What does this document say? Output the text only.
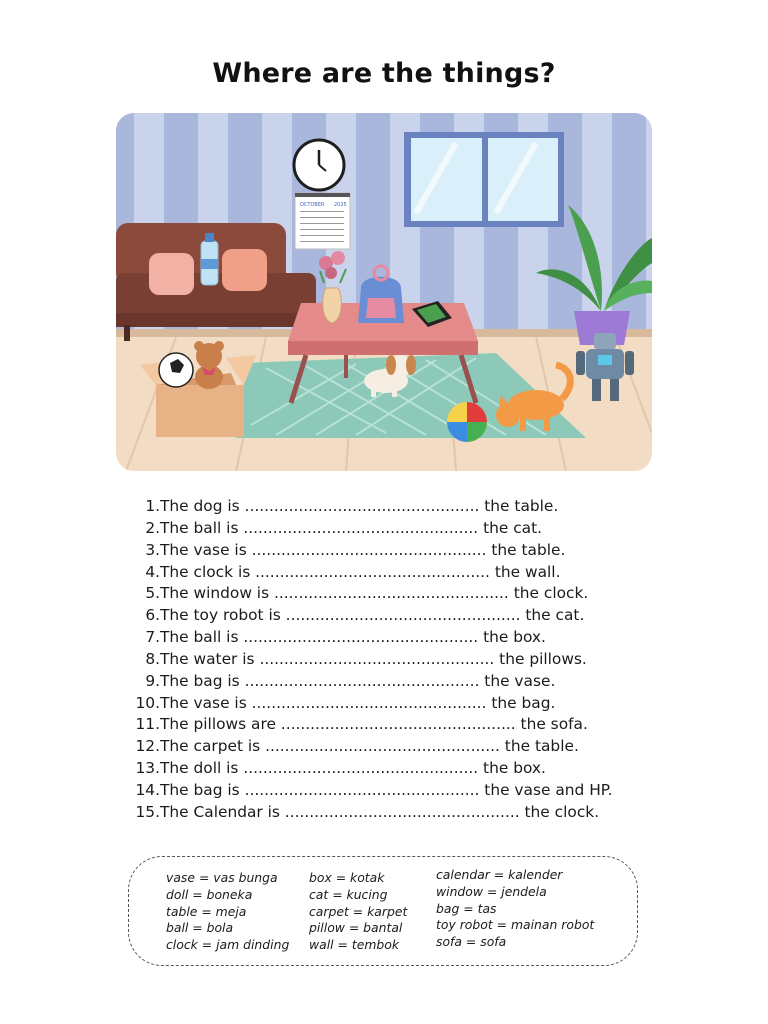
Where are the things?
OCTOBER 2025
1. The dog is ................................................ the table.
2. The ball is ................................................ the cat.
3. The vase is ................................................ the table.
4. The clock is ................................................ the wall.
5. The window is ................................................ the clock.
6. The toy robot is ................................................ the cat.
7. The ball is ................................................ the box.
8. The water is ................................................ the pillows.
9. The bag is ................................................ the vase.
10. The vase is ................................................ the bag.
11. The pillows are ................................................ the sofa.
12. The carpet is ................................................ the table.
13. The doll is ................................................ the box.
14. The bag is ................................................ the vase and HP.
15. The Calendar is ................................................ the clock.
vase = vas bunga
doll = boneka
table = meja
ball = bola
clock = jam dinding
box = kotak
cat = kucing
carpet = karpet
pillow = bantal
wall = tembok
calendar = kalender
window = jendela
bag = tas
toy robot = mainan robot
sofa = sofa
